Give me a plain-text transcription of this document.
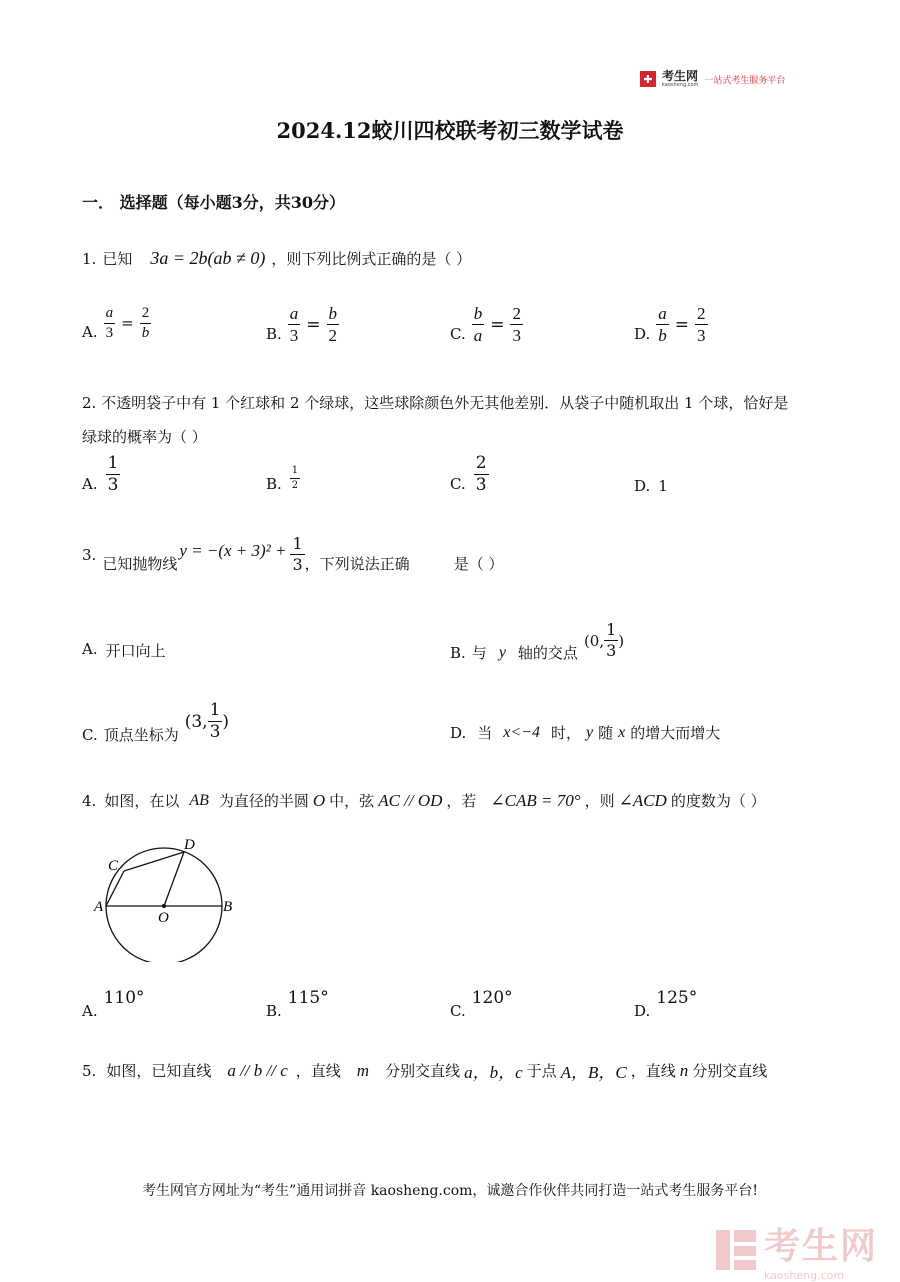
✚ 考生网
kaosheng.com 一站式考生服务平台
2024.12蛟川四校联考初三数学试卷
一． 选择题（每小题3分，共30分）
1. 已知 3a = 2b(ab ≠ 0) ，则下列比例式正确的是（ ）
A. $\frac{a}{3} = \frac{2}{b}$	B. $\frac{a}{3} = \frac{b}{2}$	C. $\frac{b}{a} = \frac{2}{3}$	D. $\frac{a}{b} = \frac{2}{3}$
2. 不透明袋子中有 1 个红球和 2 个绿球，这些球除颜色外无其他差别．从袋子中随机取出 1 个球，恰好是
绿球的概率为（ ）
A. $\frac{1}{3}$	B. $\frac{1}{2}$	C. $\frac{2}{3}$	D. 1
3.
已知抛物线
$y = -(x + 3)^2 + \frac{1}{3}$ ，下列说法正确	是（ ）
A. 开口向上	B. 与 y 轴的交点
(0, $\frac{1}{3}$ )
C. 顶点坐标为
(3, $\frac{1}{3}$ )
D. 当 x<−4 时， y 随 x 的增大而增大
4. 如图，在以 AB 为直径的半圆 O 中，弦 AC // OD ，若 ∠CAB = 70° ，则 ∠ACD 的度数为（ ）
A	B
C
D
O
A.
110°
B.
115°
C.
120°
D.
125°
5. 如图，已知直线 a // b // c ，直线 m 分别交直线 a，b，c 于点 A，B，C ，直线 n 分别交直线
考生网官方网址为“考生”通用词拼音 kaosheng.com，诚邀合作伙伴共同打造一站式考生服务平台!
考生网
kaosheng.com
